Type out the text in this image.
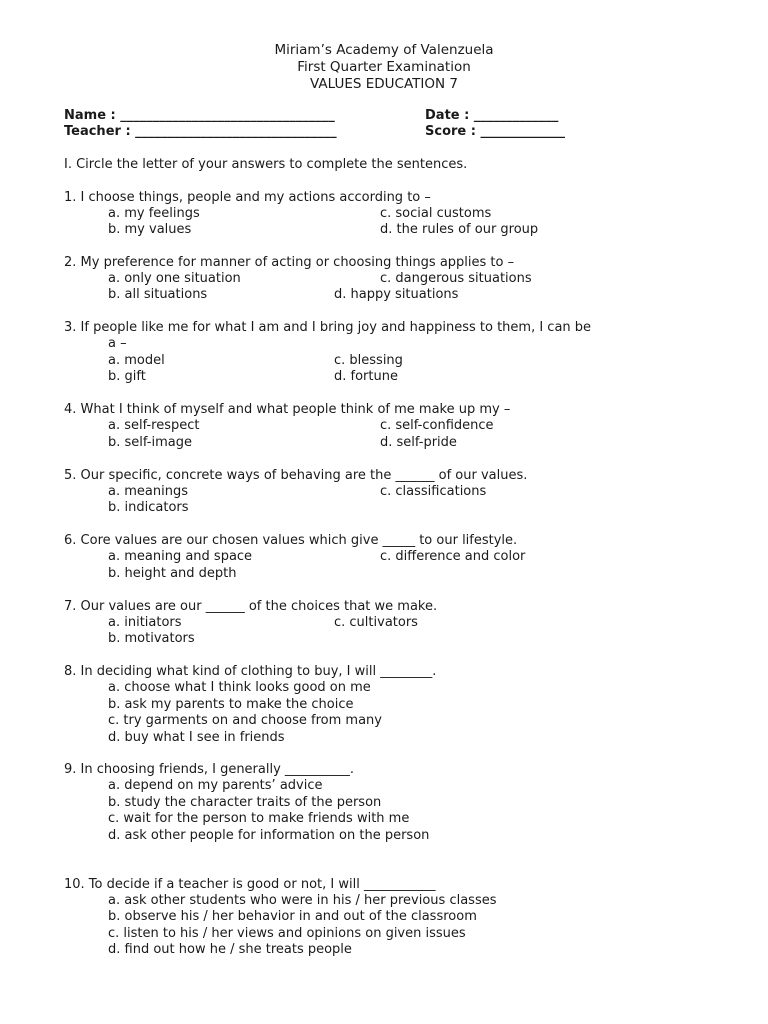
Miriam’s Academy of Valenzuela
First Quarter Examination
VALUES EDUCATION 7
Name : _________________________________	Date : _____________
Teacher : _______________________________	Score : _____________
I. Circle the letter of your answers to complete the sentences.
1. I choose things, people and my actions according to –
a. my feelings	c. social customs
b. my values	d. the rules of our group
2. My preference for manner of acting or choosing things applies to –
a. only one situation	c. dangerous situations
b. all situations	d. happy situations
3. If people like me for what I am and I bring joy and happiness to them, I can be
a –
a. model	c. blessing
b. gift	d. fortune
4. What I think of myself and what people think of me make up my –
a. self-respect	c. self-confidence
b. self-image	d. self-pride
5. Our specific, concrete ways of behaving are the ______ of our values.
a. meanings	c. classifications
b. indicators
6. Core values are our chosen values which give _____ to our lifestyle.
a. meaning and space	c. difference and color
b. height and depth
7. Our values are our ______ of the choices that we make.
a. initiators	c. cultivators
b. motivators
8. In deciding what kind of clothing to buy, I will ________.
a. choose what I think looks good on me
b. ask my parents to make the choice
c. try garments on and choose from many
d. buy what I see in friends
9. In choosing friends, I generally __________.
a. depend on my parents’ advice
b. study the character traits of the person
c. wait for the person to make friends with me
d. ask other people for information on the person
10. To decide if a teacher is good or not, I will ___________
a. ask other students who were in his / her previous classes
b. observe his / her behavior in and out of the classroom
c. listen to his / her views and opinions on given issues
d. find out how he / she treats people
